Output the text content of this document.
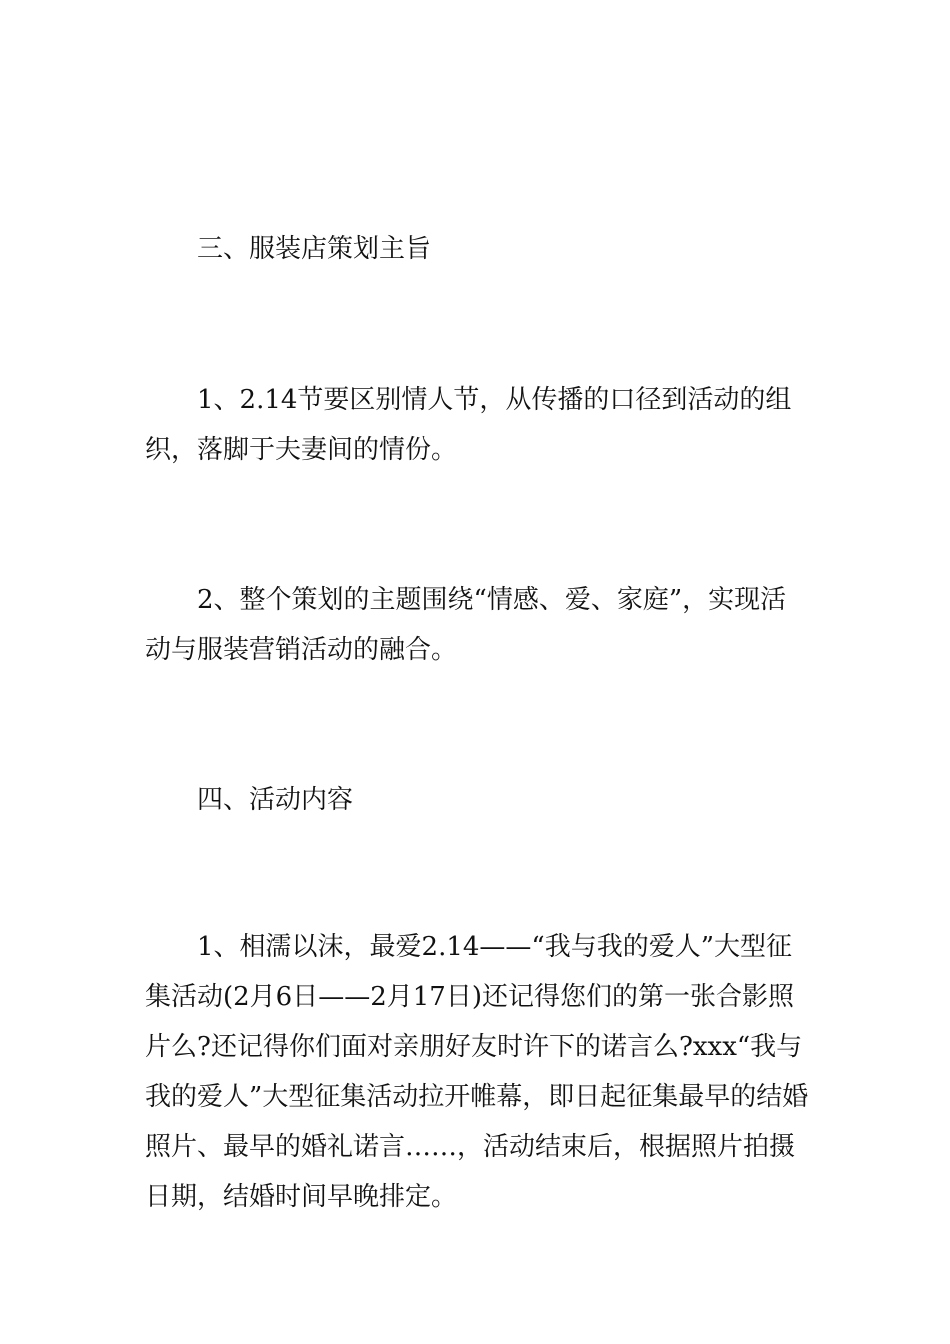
三、服装店策划主旨

1、2.14节要区别情人节，从传播的口径到活动的组织，落脚于夫妻间的情份。

2、整个策划的主题围绕“情感、爱、家庭”，实现活动与服装营销活动的融合。

四、活动内容

1、相濡以沫，最爱2.14——“我与我的爱人”大型征集活动(2月6日——2月17日)还记得您们的第一张合影照片么?还记得你们面对亲朋好友时许下的诺言么?xxx“我与我的爱人”大型征集活动拉开帷幕，即日起征集最早的结婚照片、最早的婚礼诺言……，活动结束后，根据照片拍摄日期，结婚时间早晚排定。
